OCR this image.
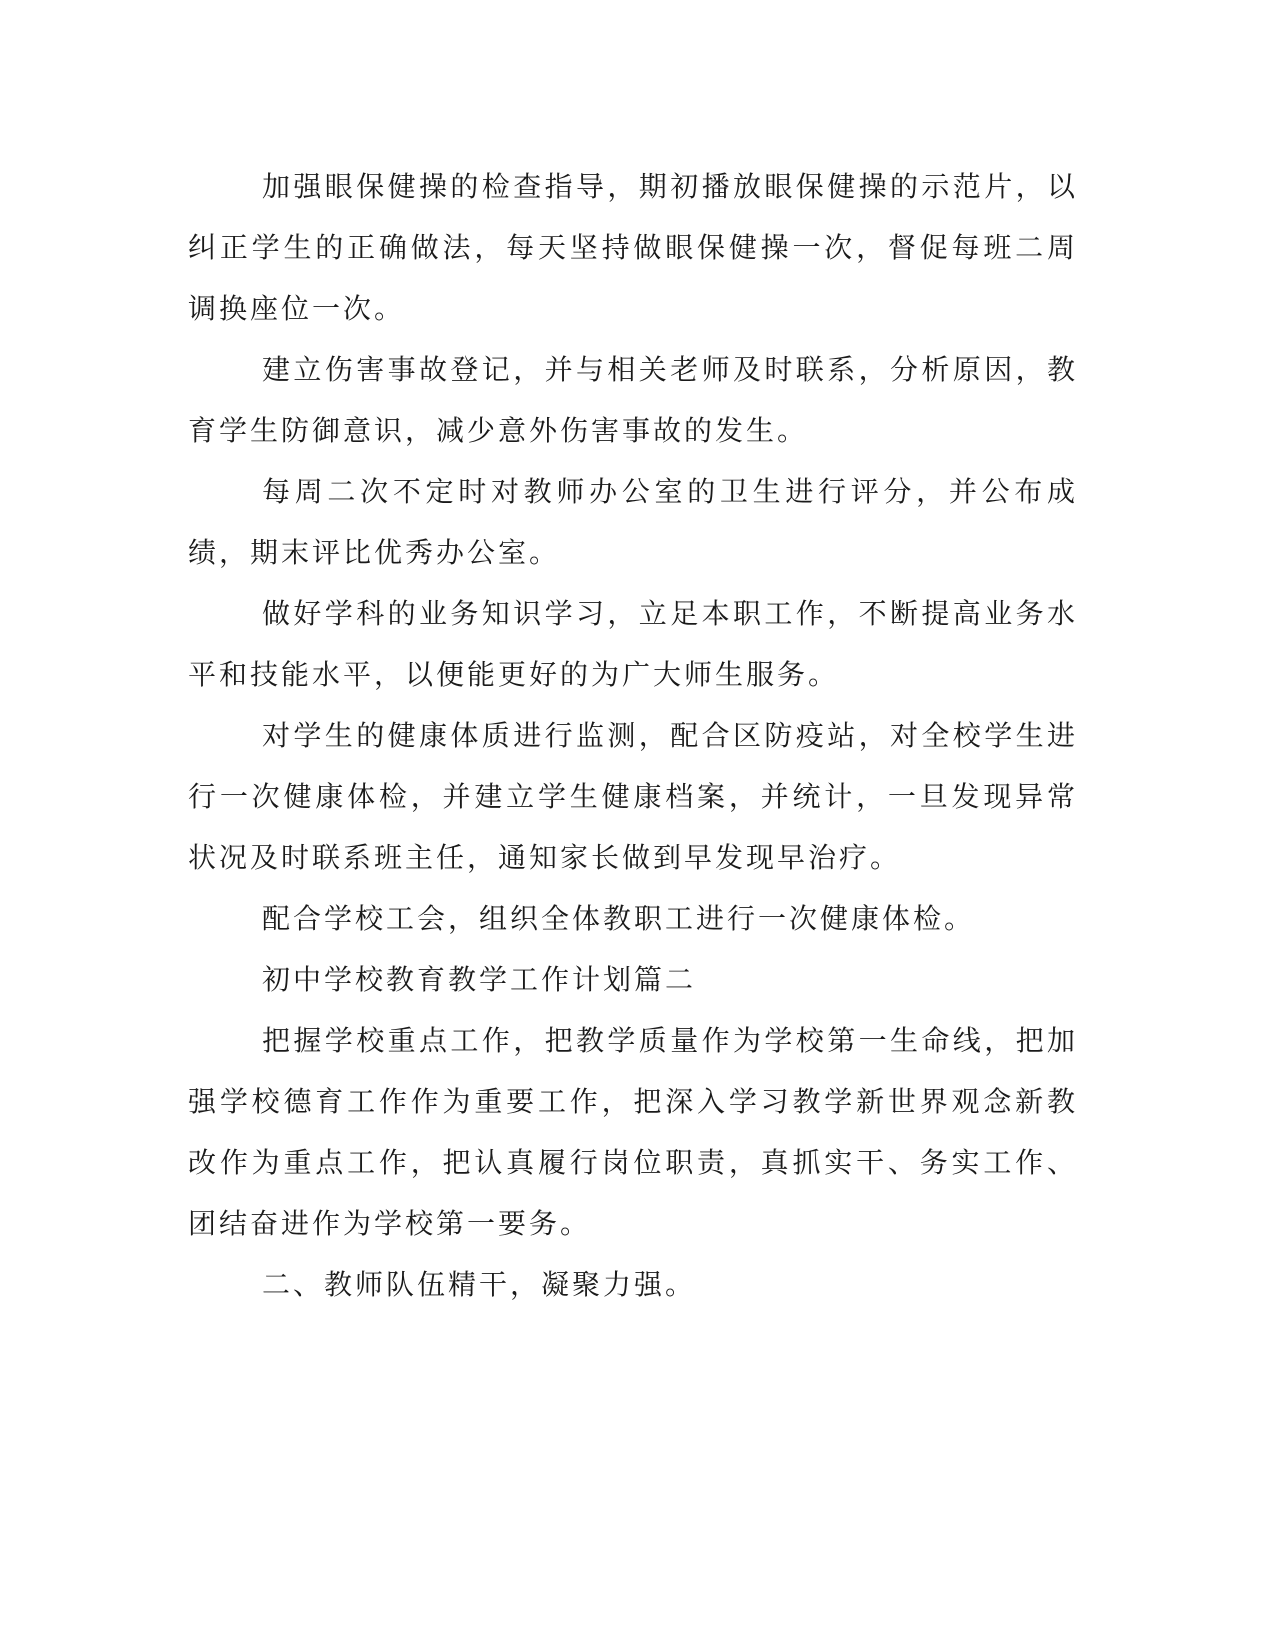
加强眼保健操的检查指导，期初播放眼保健操的示范片，以纠正学生的正确做法，每天坚持做眼保健操一次，督促每班二周调换座位一次。

建立伤害事故登记，并与相关老师及时联系，分析原因，教育学生防御意识，减少意外伤害事故的发生。

每周二次不定时对教师办公室的卫生进行评分，并公布成绩，期末评比优秀办公室。

做好学科的业务知识学习，立足本职工作，不断提高业务水平和技能水平，以便能更好的为广大师生服务。

对学生的健康体质进行监测，配合区防疫站，对全校学生进行一次健康体检，并建立学生健康档案，并统计，一旦发现异常状况及时联系班主任，通知家长做到早发现早治疗。

配合学校工会，组织全体教职工进行一次健康体检。

初中学校教育教学工作计划篇二

把握学校重点工作，把教学质量作为学校第一生命线，把加强学校德育工作作为重要工作，把深入学习教学新世界观念新教改作为重点工作，把认真履行岗位职责，真抓实干、务实工作、团结奋进作为学校第一要务。

二、教师队伍精干，凝聚力强。
